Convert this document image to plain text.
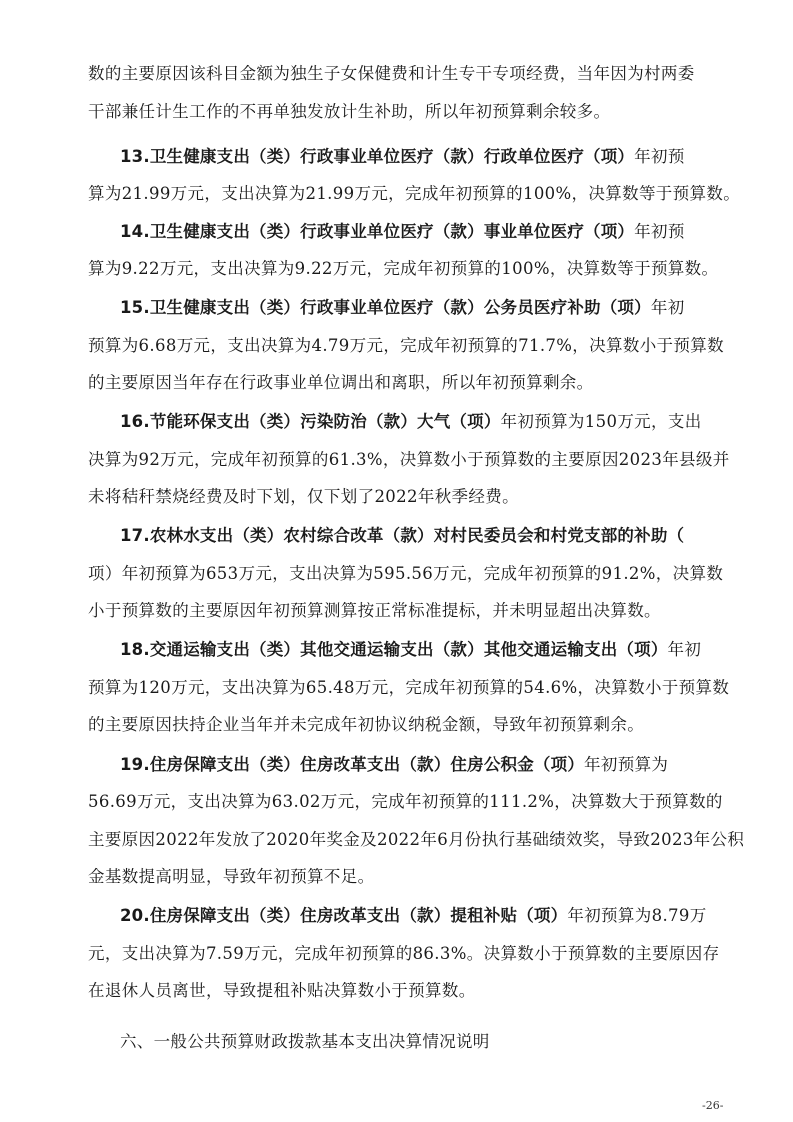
数的主要原因该科目金额为独生子女保健费和计生专干专项经费，当年因为村两委
干部兼任计生工作的不再单独发放计生补助，所以年初预算剩余较多。
13.卫生健康支出（类）行政事业单位医疗（款）行政单位医疗（项）年初预
算为21.99万元，支出决算为21.99万元，完成年初预算的100%，决算数等于预算数。
14.卫生健康支出（类）行政事业单位医疗（款）事业单位医疗（项）年初预
算为9.22万元，支出决算为9.22万元，完成年初预算的100%，决算数等于预算数。
15.卫生健康支出（类）行政事业单位医疗（款）公务员医疗补助（项）年初
预算为6.68万元，支出决算为4.79万元，完成年初预算的71.7%，决算数小于预算数
的主要原因当年存在行政事业单位调出和离职，所以年初预算剩余。
16.节能环保支出（类）污染防治（款）大气（项）年初预算为150万元，支出
决算为92万元，完成年初预算的61.3%，决算数小于预算数的主要原因2023年县级并
未将秸秆禁烧经费及时下划，仅下划了2022年秋季经费。
17.农林水支出（类）农村综合改革（款）对村民委员会和村党支部的补助（
项）年初预算为653万元，支出决算为595.56万元，完成年初预算的91.2%，决算数
小于预算数的主要原因年初预算测算按正常标准提标，并未明显超出决算数。
18.交通运输支出（类）其他交通运输支出（款）其他交通运输支出（项）年初
预算为120万元，支出决算为65.48万元，完成年初预算的54.6%，决算数小于预算数
的主要原因扶持企业当年并未完成年初协议纳税金额，导致年初预算剩余。
19.住房保障支出（类）住房改革支出（款）住房公积金（项）年初预算为
56.69万元，支出决算为63.02万元，完成年初预算的111.2%，决算数大于预算数的
主要原因2022年发放了2020年奖金及2022年6月份执行基础绩效奖，导致2023年公积
金基数提高明显，导致年初预算不足。
20.住房保障支出（类）住房改革支出（款）提租补贴（项）年初预算为8.79万
元，支出决算为7.59万元，完成年初预算的86.3%。决算数小于预算数的主要原因存
在退休人员离世，导致提租补贴决算数小于预算数。
六、一般公共预算财政拨款基本支出决算情况说明
-26-
